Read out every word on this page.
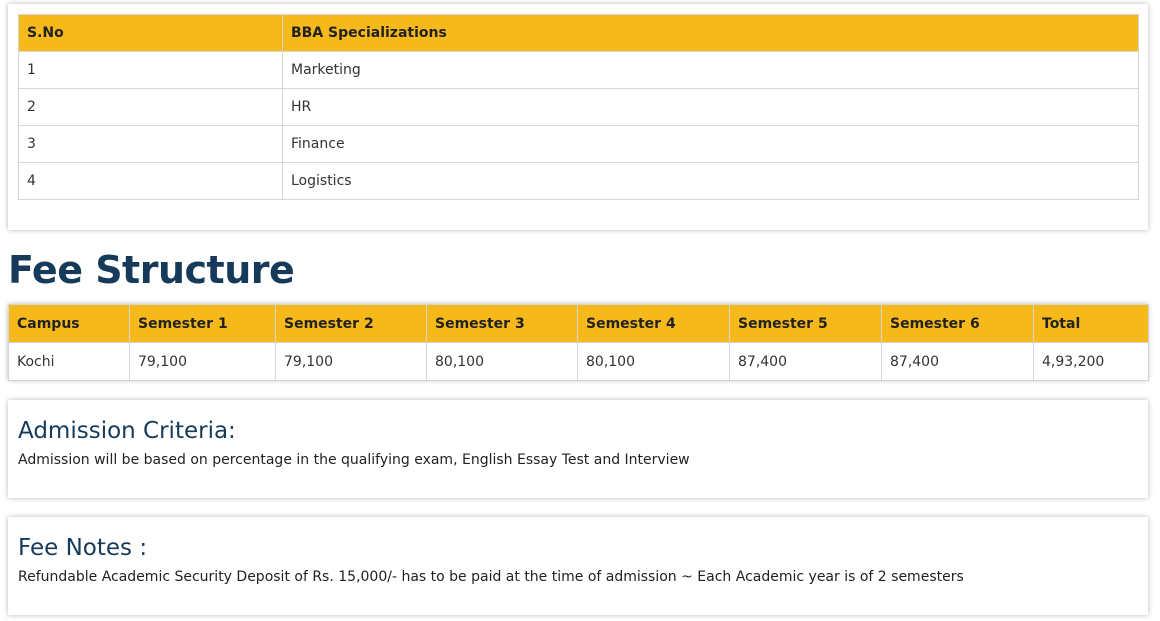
S.No	BBA Specializations
1	Marketing
2	HR
3	Finance
4	Logistics
Fee Structure
Campus	Semester 1	Semester 2	Semester 3	Semester 4	Semester 5	Semester 6	Total
Kochi	79,100	79,100	80,100	80,100	87,400	87,400	4,93,200
Admission Criteria:

Admission will be based on percentage in the qualifying exam, English Essay Test and Interview

Fee Notes :

Refundable Academic Security Deposit of Rs. 15,000/- has to be paid at the time of admission ~ Each Academic year is of 2 semesters
